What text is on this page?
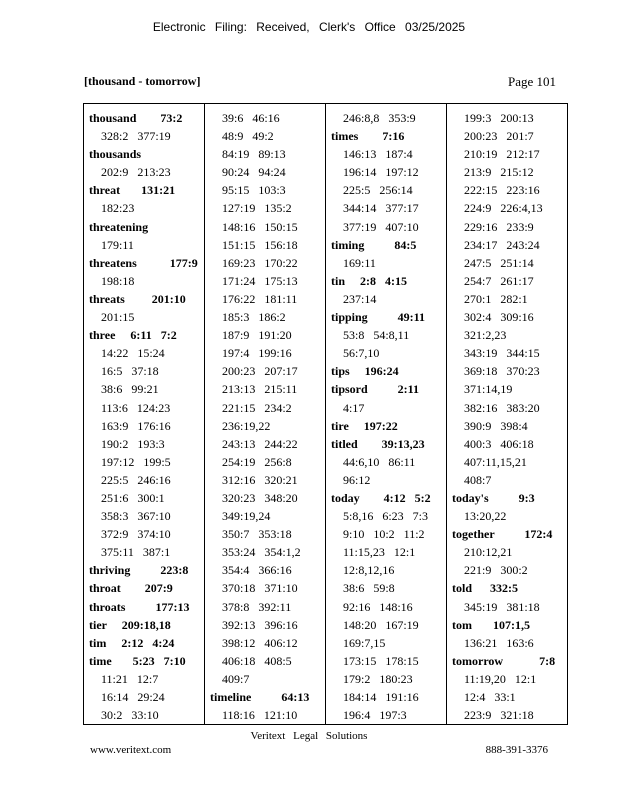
Electronic Filing: Received, Clerk's Office 03/25/2025
[thousand - tomorrow]	Page 101
thousand        73:2
328:2   377:19
thousands
202:9   213:23
threat       131:21
182:23
threatening
179:11
threatens           177:9
198:18
threats         201:10
201:15
three     6:11   7:2
14:22   15:24
16:5   37:18
38:6   99:21
113:6   124:23
163:9   176:16
190:2   193:3
197:12   199:5
225:5   246:16
251:6   300:1
358:3   367:10
372:9   374:10
375:11   387:1
thriving          223:8
throat        207:9
throats          177:13
tier     209:18,18
tim     2:12   4:24
time       5:23   7:10
11:21   12:7
16:14   29:24
30:2   33:10
39:6   46:16
48:9   49:2
84:19   89:13
90:24   94:24
95:15   103:3
127:19   135:2
148:16   150:15
151:15   156:18
169:23   170:22
171:24   175:13
176:22   181:11
185:3   186:2
187:9   191:20
197:4   199:16
200:23   207:17
213:13   215:11
221:15   234:2
236:19,22
243:13   244:22
254:19   256:8
312:16   320:21
320:23   348:20
349:19,24
350:7   353:18
353:24   354:1,2
354:4   366:16
370:18   371:10
378:8   392:11
392:13   396:16
398:12   406:12
406:18   408:5
409:7
timeline          64:13
118:16   121:10
246:8,8   353:9
times        7:16
146:13   187:4
196:14   197:12
225:5   256:14
344:14   377:17
377:19   407:10
timing          84:5
169:11
tin     2:8   4:15
237:14
tipping          49:11
53:8   54:8,11
56:7,10
tips     196:24
tipsord          2:11
4:17
tire     197:22
titled        39:13,23
44:6,10   86:11
96:12
today        4:12   5:2
5:8,16   6:23   7:3
9:10   10:2   11:2
11:15,23   12:1
12:8,12,16
38:6   59:8
92:16   148:16
148:20   167:19
169:7,15
173:15   178:15
179:2   180:23
184:14   191:16
196:4   197:3
199:3   200:13
200:23   201:7
210:19   212:17
213:9   215:12
222:15   223:16
224:9   226:4,13
229:16   233:9
234:17   243:24
247:5   251:14
254:7   261:17
270:1   282:1
302:4   309:16
321:2,23
343:19   344:15
369:18   370:23
371:14,19
382:16   383:20
390:9   398:4
400:3   406:18
407:11,15,21
408:7
today's          9:3
13:20,22
together          172:4
210:12,21
221:9   300:2
told      332:5
345:19   381:18
tom       107:1,5
136:21   163:6
tomorrow            7:8
11:19,20   12:1
12:4   33:1
223:9   321:18
Veritext Legal Solutions
www.veritext.com	888-391-3376
